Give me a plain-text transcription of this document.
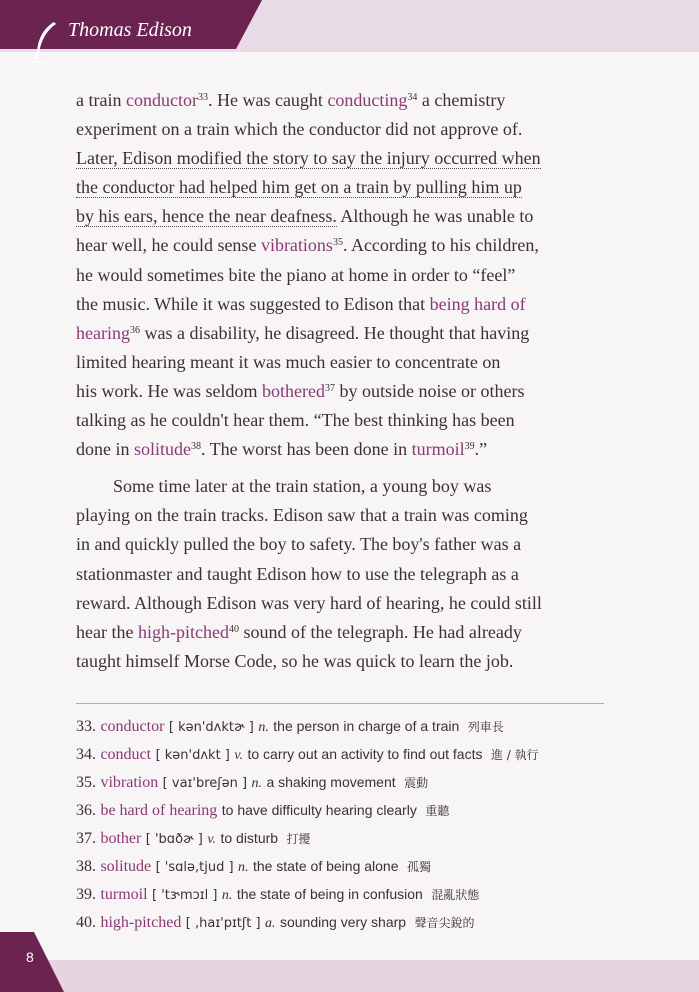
Thomas Edison
a train conductor$^{33}$. He was caught conducting$^{34}$ a chemistry
experiment on a train which the conductor did not approve of.
Later, Edison modified the story to say the injury occurred when
the conductor had helped him get on a train by pulling him up
by his ears, hence the near deafness. Although he was unable to
hear well, he could sense vibrations$^{35}$. According to his children,
he would sometimes bite the piano at home in order to “feel”
the music. While it was suggested to Edison that being hard of
hearing$^{36}$ was a disability, he disagreed. He thought that having
limited hearing meant it was much easier to concentrate on
his work. He was seldom bothered$^{37}$ by outside noise or others
talking as he couldn't hear them. “The best thinking has been
done in solitude$^{38}$. The worst has been done in turmoil$^{39}$.”
Some time later at the train station, a young boy was
playing on the train tracks. Edison saw that a train was coming
in and quickly pulled the boy to safety. The boy's father was a
stationmaster and taught Edison how to use the telegraph as a
reward. Although Edison was very hard of hearing, he could still
hear the high-pitched$^{40}$ sound of the telegraph. He had already
taught himself Morse Code, so he was quick to learn the job.
33. conductor [ kən'dʌktɚ ] n. the person in charge of a train 列車長
34. conduct [ kən'dʌkt ] v. to carry out an activity to find out facts 進 / 執行
35. vibration [ vaɪ'breʃən ] n. a shaking movement 震動
36. be hard of hearing to have difficulty hearing clearly 重聽
37. bother [ 'bɑðɚ ] v. to disturb 打擾
38. solitude [ 'sɑlə,tjud ] n. the state of being alone 孤獨
39. turmoil [ 'tɝmɔɪl ] n. the state of being in confusion 混亂狀態
40. high-pitched [ ,haɪ'pɪtʃt ] a. sounding very sharp 聲音尖銳的
8
